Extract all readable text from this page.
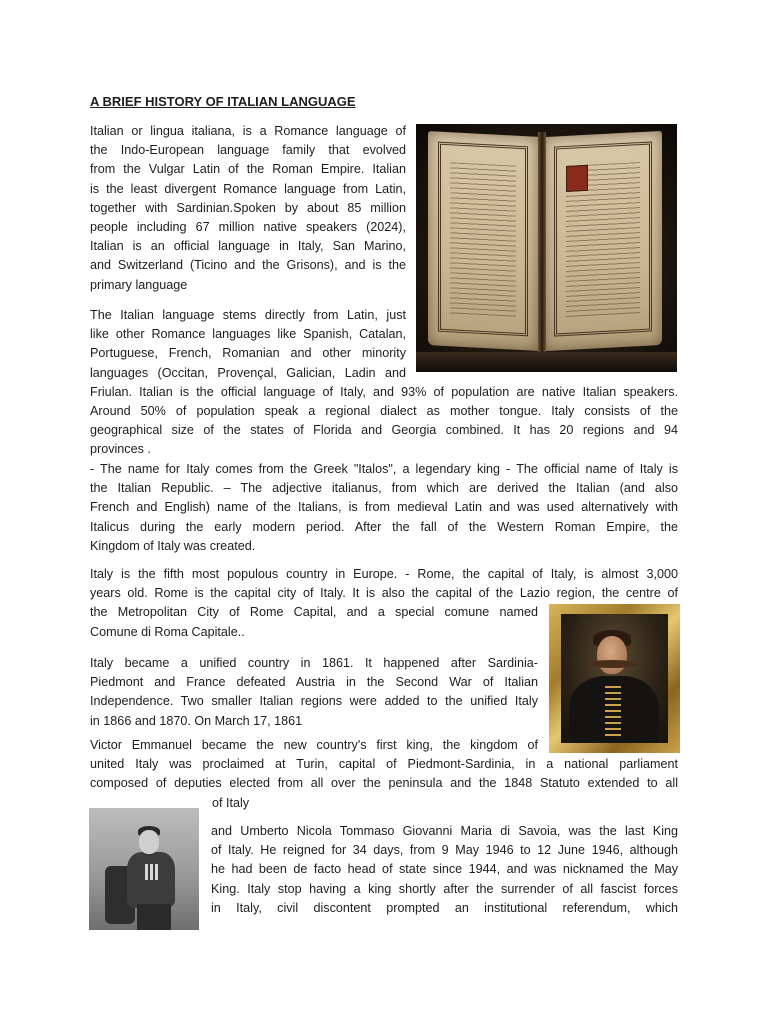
A BRIEF HISTORY OF ITALIAN LANGUAGE

Italian or lingua italiana, is a Romance language of
the Indo-European language family that evolved
from the Vulgar Latin of the Roman Empire. Italian
is the least divergent Romance language from Latin,
together with Sardinian.Spoken by about 85 million
people including 67 million native speakers (2024),
Italian is an official language in Italy, San Marino,
and Switzerland (Ticino and the Grisons), and is the
primary language

The Italian language stems directly from Latin, just
like other Romance languages like Spanish, Catalan,
Portuguese, French, Romanian and other minority
languages (Occitan, Provençal, Galician, Ladin and
Friulan. Italian is the official language of Italy, and 93% of population are native Italian speakers.
Around 50% of population speak a regional dialect as mother tongue. Italy consists of the
geographical size of the states of Florida and Georgia combined. It has 20 regions and 94
provinces .

- The name for Italy comes from the Greek "Italos", a legendary king - The official name of Italy is
the Italian Republic. – The adjective italianus, from which are derived the Italian (and also
French and English) name of the Italians, is from medieval Latin and was used alternatively with
Italicus during the early modern period. After the fall of the Western Roman Empire, the
Kingdom of Italy was created.

Italy is the fifth most populous country in Europe. - Rome, the capital of Italy, is almost 3,000
years old. Rome is the capital city of Italy. It is also the capital of the Lazio region, the centre of
the Metropolitan City of Rome Capital, and a special comune named
Comune di Roma Capitale..

Italy became a unified country in 1861. It happened after Sardinia-
Piedmont and France defeated Austria in the Second War of Italian
Independence. Two smaller Italian regions were added to the unified Italy
in 1866 and 1870. On March 17, 1861

Victor Emmanuel became the new country's first king, the kingdom of
united Italy was proclaimed at Turin, capital of Piedmont-Sardinia, in a national parliament
composed of deputies elected from all over the peninsula and the 1848 Statuto extended to all
of Italy

and Umberto Nicola Tommaso Giovanni Maria di Savoia, was the last King
of Italy. He reigned for 34 days, from 9 May 1946 to 12 June 1946, although
he had been de facto head of state since 1944, and was nicknamed the May
King. Italy stop having a king shortly after the surrender of all fascist forces
in Italy, civil discontent prompted an institutional referendum, which
